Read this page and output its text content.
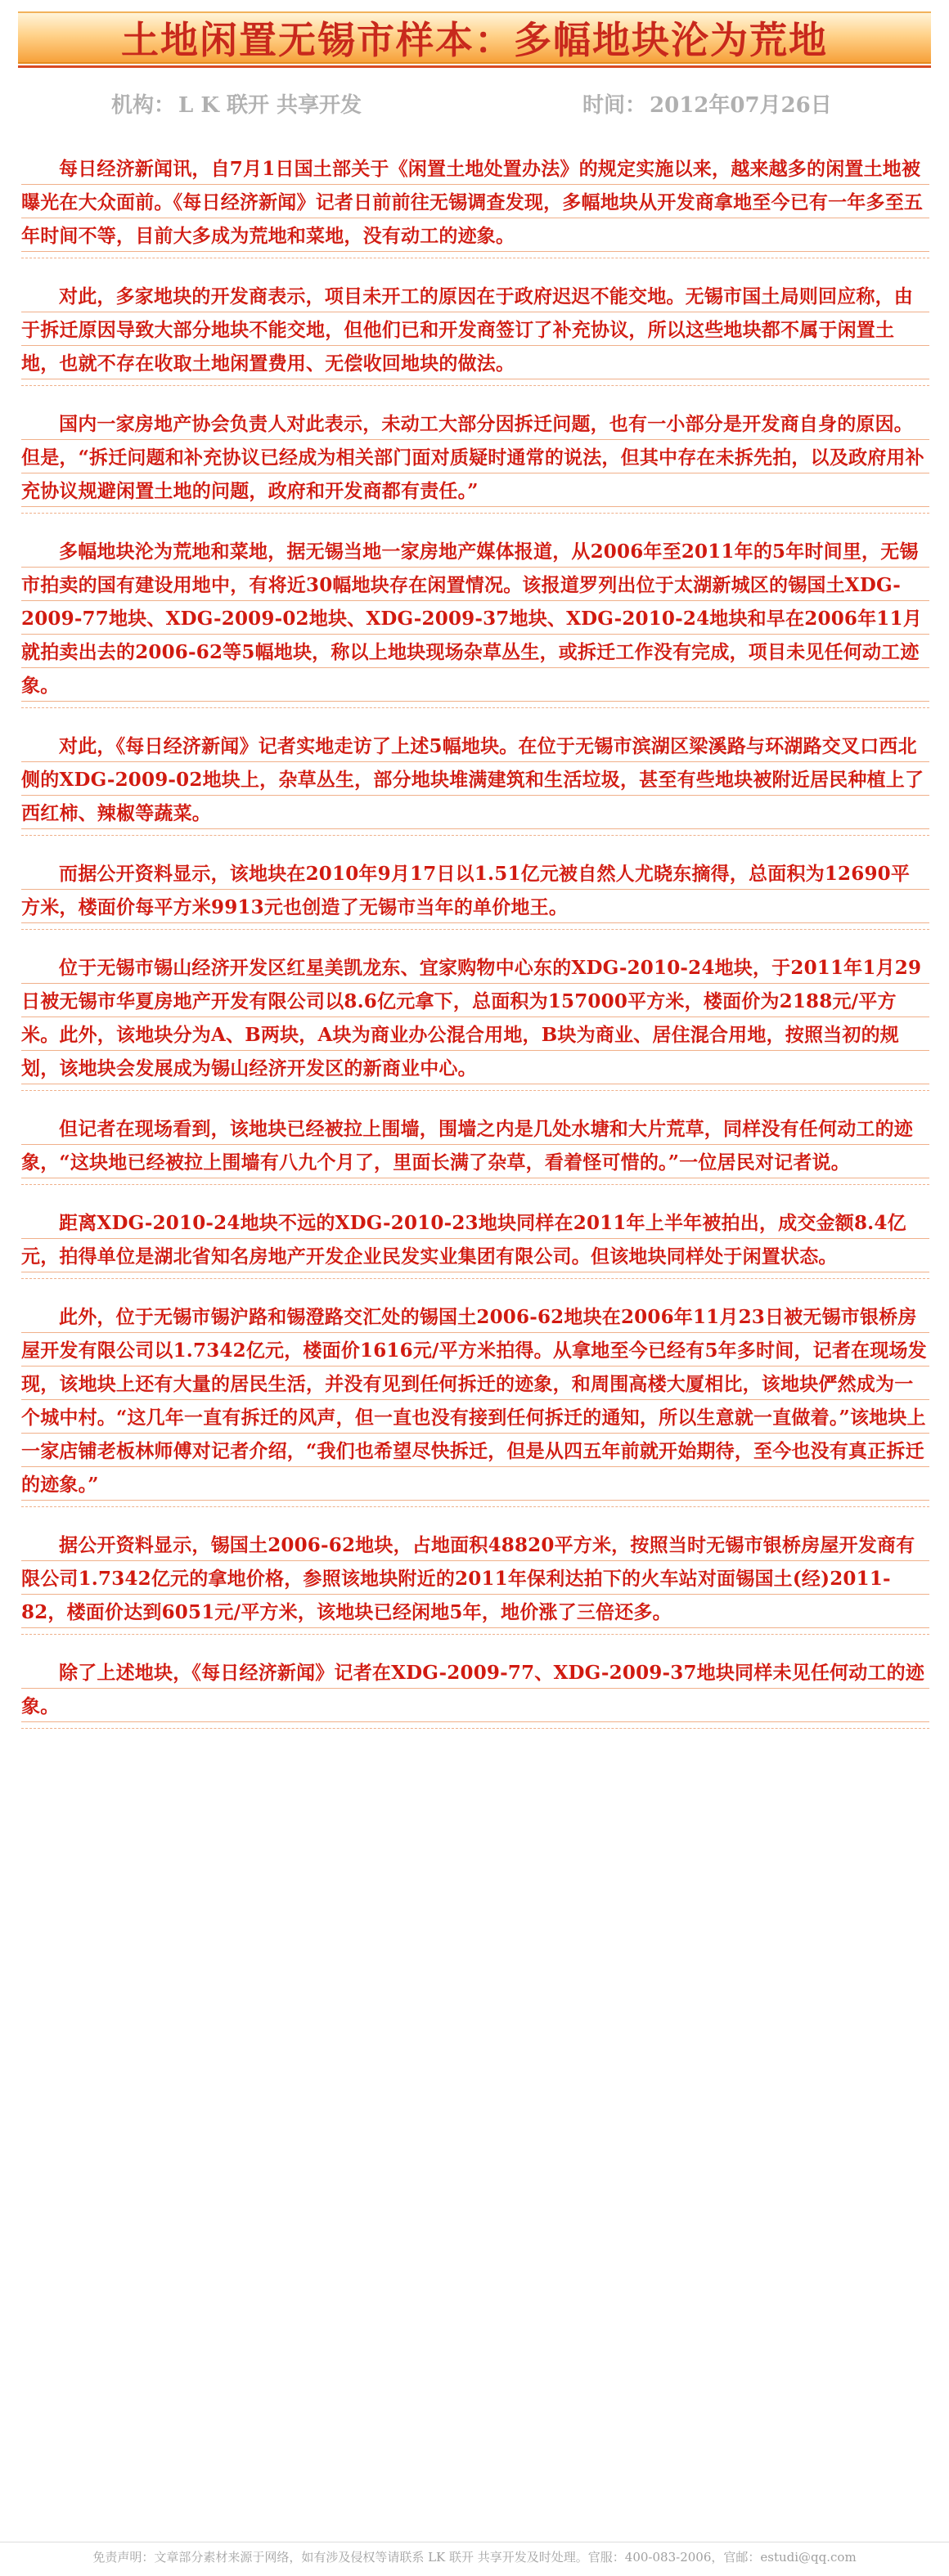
土地闲置无锡市样本：多幅地块沦为荒地
机构： L K 联开 共享开发	时间： 2012年07月26日

每日经济新闻讯，自7月1日国土部关于《闲置土地处置办法》的规定实施以来，越来越多的闲置土地被曝光在大众面前。《每日经济新闻》记者日前前往无锡调查发现，多幅地块从开发商拿地至今已有一年多至五年时间不等，目前大多成为荒地和菜地，没有动工的迹象。

对此，多家地块的开发商表示，项目未开工的原因在于政府迟迟不能交地。无锡市国土局则回应称，由于拆迁原因导致大部分地块不能交地，但他们已和开发商签订了补充协议，所以这些地块都不属于闲置土地，也就不存在收取土地闲置费用、无偿收回地块的做法。

国内一家房地产协会负责人对此表示，未动工大部分因拆迁问题，也有一小部分是开发商自身的原因。但是，“拆迁问题和补充协议已经成为相关部门面对质疑时通常的说法，但其中存在未拆先拍，以及政府用补充协议规避闲置土地的问题，政府和开发商都有责任。”

多幅地块沦为荒地和菜地，据无锡当地一家房地产媒体报道，从2006年至2011年的5年时间里，无锡市拍卖的国有建设用地中，有将近30幅地块存在闲置情况。该报道罗列出位于太湖新城区的锡国土XDG-2009-77地块、XDG-2009-02地块、XDG-2009-37地块、XDG-2010-24地块和早在2006年11月就拍卖出去的2006-62等5幅地块，称以上地块现场杂草丛生，或拆迁工作没有完成，项目未见任何动工迹象。

对此，《每日经济新闻》记者实地走访了上述5幅地块。在位于无锡市滨湖区梁溪路与环湖路交叉口西北侧的XDG-2009-02地块上，杂草丛生，部分地块堆满建筑和生活垃圾，甚至有些地块被附近居民种植上了西红柿、辣椒等蔬菜。

而据公开资料显示，该地块在2010年9月17日以1.51亿元被自然人尤晓东摘得，总面积为12690平方米，楼面价每平方米9913元也创造了无锡市当年的单价地王。

位于无锡市锡山经济开发区红星美凯龙东、宜家购物中心东的XDG-2010-24地块，于2011年1月29日被无锡市华夏房地产开发有限公司以8.6亿元拿下，总面积为157000平方米，楼面价为2188元/平方米。此外，该地块分为A、B两块，A块为商业办公混合用地，B块为商业、居住混合用地，按照当初的规划，该地块会发展成为锡山经济开发区的新商业中心。

但记者在现场看到，该地块已经被拉上围墙，围墙之内是几处水塘和大片荒草，同样没有任何动工的迹象，“这块地已经被拉上围墙有八九个月了，里面长满了杂草，看着怪可惜的。”一位居民对记者说。

距离XDG-2010-24地块不远的XDG-2010-23地块同样在2011年上半年被拍出，成交金额8.4亿元，拍得单位是湖北省知名房地产开发企业民发实业集团有限公司。但该地块同样处于闲置状态。

此外，位于无锡市锡沪路和锡澄路交汇处的锡国土2006-62地块在2006年11月23日被无锡市银桥房屋开发有限公司以1.7342亿元，楼面价1616元/平方米拍得。从拿地至今已经有5年多时间，记者在现场发现，该地块上还有大量的居民生活，并没有见到任何拆迁的迹象，和周围高楼大厦相比，该地块俨然成为一个城中村。“这几年一直有拆迁的风声，但一直也没有接到任何拆迁的通知，所以生意就一直做着。”该地块上一家店铺老板林师傅对记者介绍，“我们也希望尽快拆迁，但是从四五年前就开始期待，至今也没有真正拆迁的迹象。”

据公开资料显示，锡国土2006-62地块，占地面积48820平方米，按照当时无锡市银桥房屋开发商有限公司1.7342亿元的拿地价格，参照该地块附近的2011年保利达拍下的火车站对面锡国土(经)2011-82，楼面价达到6051元/平方米，该地块已经闲地5年，地价涨了三倍还多。

除了上述地块，《每日经济新闻》记者在XDG-2009-77、XDG-2009-37地块同样未见任何动工的迹象。

免责声明：文章部分素材来源于网络，如有涉及侵权等请联系 LK 联开 共享开发及时处理。官服：400-083-2006，官邮：estudi@qq.com
